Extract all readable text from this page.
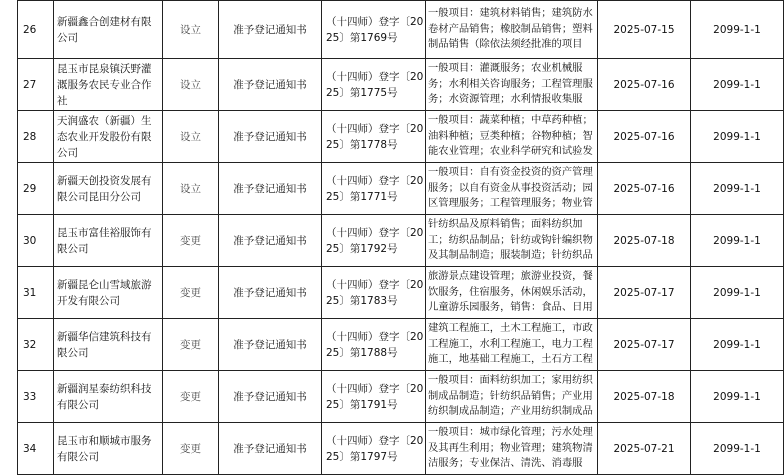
26	新疆鑫合创建材有限公司	设立	准予登记通知书	（十四师）登字〔2025〕第1769号	一般项目：建筑材料销售；建筑防水卷材产品销售；橡胶制品销售；塑料制品销售（除依法须经批准的项目	2025-07-15	2099-1-1
27	昆玉市昆泉镇沃野灌溉服务农民专业合作社	设立	准予登记通知书	（十四师）登字〔2025〕第1775号	一般项目：灌溉服务；农业机械服务；水利相关咨询服务；工程管理服务；水资源管理；水利情报收集服	2025-07-16	2099-1-1
28	天润盛农（新疆）生态农业开发股份有限公司	设立	准予登记通知书	（十四师）登字〔2025〕第1778号	一般项目：蔬菜种植；中草药种植；油料种植；豆类种植；谷物种植；智能农业管理；农业科学研究和试验发	2025-07-16	2099-1-1
29	新疆天创投资发展有限公司昆田分公司	设立	准予登记通知书	（十四师）登字〔2025〕第1771号	一般项目：自有资金投资的资产管理服务；以自有资金从事投资活动；园区管理服务；工程管理服务；物业管	2025-07-16	2099-1-1
30	昆玉市富佳裕服饰有限公司	变更	准予登记通知书	（十四师）登字〔2025〕第1792号	针纺织品及原料销售；面料纺织加工；纺织品制品；针纺或钩针编织物及其制品制造；服装制造；针纺织品	2025-07-18	2099-1-1
31	新疆昆仑山雪域旅游开发有限公司	变更	准予登记通知书	（十四师）登字〔2025〕第1783号	旅游景点建设管理；旅游业投资，餐饮服务，住宿服务，休闲娱乐活动，儿童游乐园服务，销售：食品、日用	2025-07-17	2099-1-1
32	新疆华信建筑科技有限公司	变更	准予登记通知书	（十四师）登字〔2025〕第1788号	建筑工程施工，土木工程施工，市政工程施工，水利工程施工，电力工程施工，地基础工程施工，土石方工程	2025-07-17	2099-1-1
33	新疆润星泰纺织科技有限公司	变更	准予登记通知书	（十四师）登字〔2025〕第1791号	一般项目：面料纺织加工；家用纺织制成品制造；针纺织品销售；产业用纺织制成品制造；产业用纺织制成品	2025-07-18	2099-1-1
34	昆玉市和顺城市服务有限公司	变更	准予登记通知书	（十四师）登字〔2025〕第1797号	一般项目：城市绿化管理；污水处理及其再生利用；物业管理；建筑物清洁服务；专业保洁、清洗、消毒服	2025-07-21	2099-1-1
